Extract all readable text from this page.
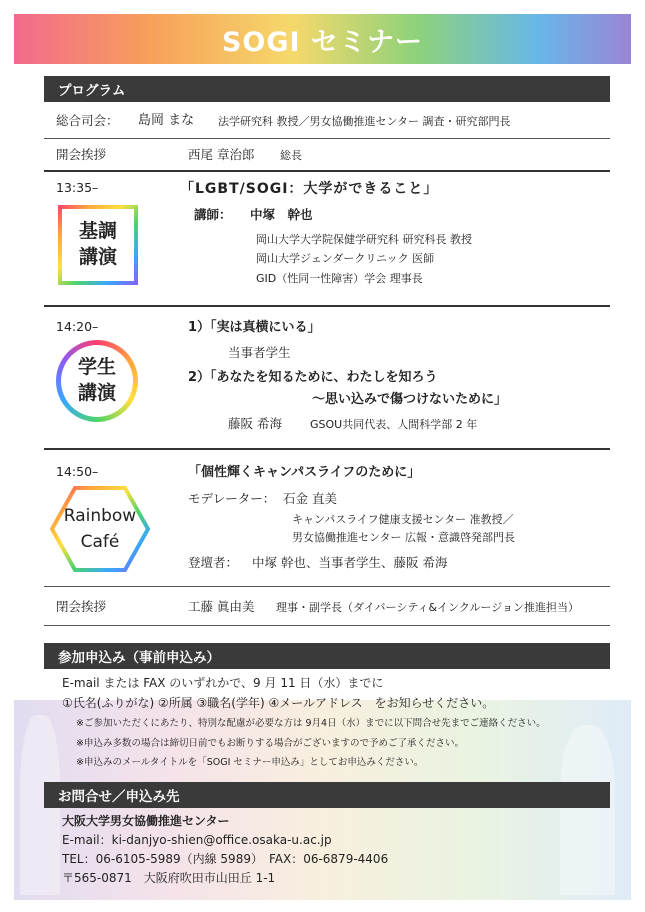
SOGI セミナー
プログラム
総合司会： 島岡 まな 法学研究科 教授／男女協働推進センター 調査・研究部門長
開会挨拶	西尾 章治郎 総長
13:35–
基調
講演
「LGBT/SOGI：大学ができること」
講師： 中塚　幹也
岡山大学大学院保健学研究科 研究科長 教授
岡山大学ジェンダークリニック 医師
GID（性同一性障害）学会 理事長
14:20–
学生
講演
1）「実は真横にいる」
当事者学生
2）「あなたを知るために、わたしを知ろう
～思い込みで傷つけないために」
藤阪 希海	GSOU共同代表、人間科学部 2 年
14:50–
Rainbow
Café
「個性輝くキャンパスライフのために」
モデレーター： 石金 直美
キャンパスライフ健康支援センター 准教授／
男女協働推進センター 広報・意識啓発部門長
登壇者： 中塚 幹也、当事者学生、藤阪 希海
閉会挨拶	工藤 眞由美 理事・副学長（ダイバーシティ&インクルージョン推進担当）
参加申込み（事前申込み）
E-mail または FAX のいずれかで、9 月 11 日（水）までに
①氏名(ふりがな) ②所属 ③職名(学年) ④メールアドレス　をお知らせください。
※ご参加いただくにあたり、特別な配慮が必要な方は 9月4日（水）までに以下問合せ先までご連絡ください。
※申込み多数の場合は締切日前でもお断りする場合がございますので予めご了承ください。
※申込みのメールタイトルを「SOGI セミナー申込み」としてお申込みください。
お問合せ／申込み先
大阪大学男女協働推進センター
E-mail：ki-danjyo-shien@office.osaka-u.ac.jp
TEL：06-6105-5989（内線 5989）　FAX：06-6879-4406
〒565-0871　大阪府吹田市山田丘 1-1
